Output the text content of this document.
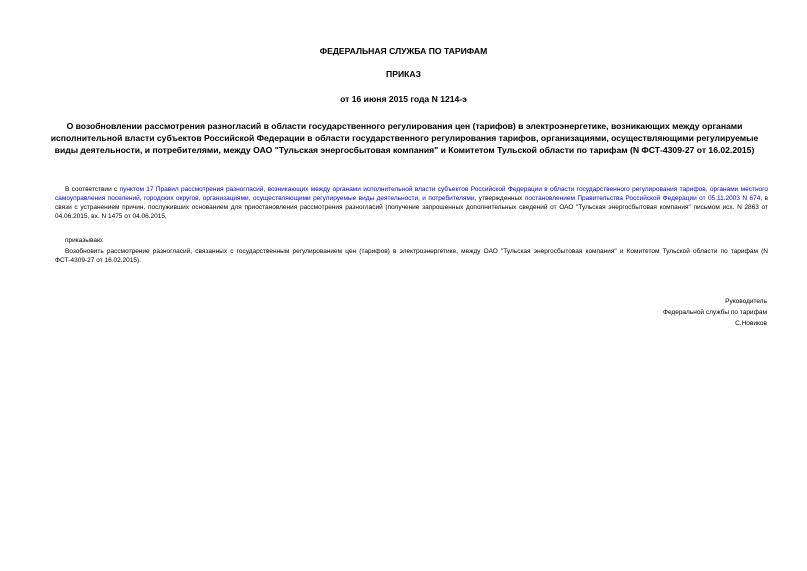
ФЕДЕРАЛЬНАЯ СЛУЖБА ПО ТАРИФАМ
ПРИКАЗ
от 16 июня 2015 года N 1214-э
О возобновлении рассмотрения разногласий в области государственного регулирования цен (тарифов) в электроэнергетике, возникающих между органами исполнительной власти субъектов Российской Федерации в области государственного регулирования тарифов, организациями, осуществляющими регулируемые виды деятельности, и потребителями, между ОАО "Тульская энергосбытовая компания" и Комитетом Тульской области по тарифам (N ФСТ-4309-27 от 16.02.2015)
В соответствии с пунктом 17 Правил рассмотрения разногласий, возникающих между органами исполнительной власти субъектов Российской Федерации в области государственного регулирования тарифов, органами местного самоуправления поселений, городских округов, организациями, осуществляющими регулируемые виды деятельности, и потребителями, утвержденных постановлением Правительства Российской Федерации от 05.11.2003 N 674, в связи с устранением причин, послуживших основанием для приостановления рассмотрения разногласий (получение запрошенных дополнительных сведений от ОАО "Тульская энергосбытовая компания" письмом исх. N 2863 от 04.06.2015, вх. N 1475 от 04.06.2015,
приказываю:
Возобновить рассмотрение разногласий, связанных с государственным регулированием цен (тарифов) в электроэнергетике, между ОАО "Тульская энергосбытовая компания" и Комитетом Тульской области по тарифам (N ФСТ-4309-27 от 16.02.2015).
Руководитель
Федеральной службы по тарифам
С.Новиков
